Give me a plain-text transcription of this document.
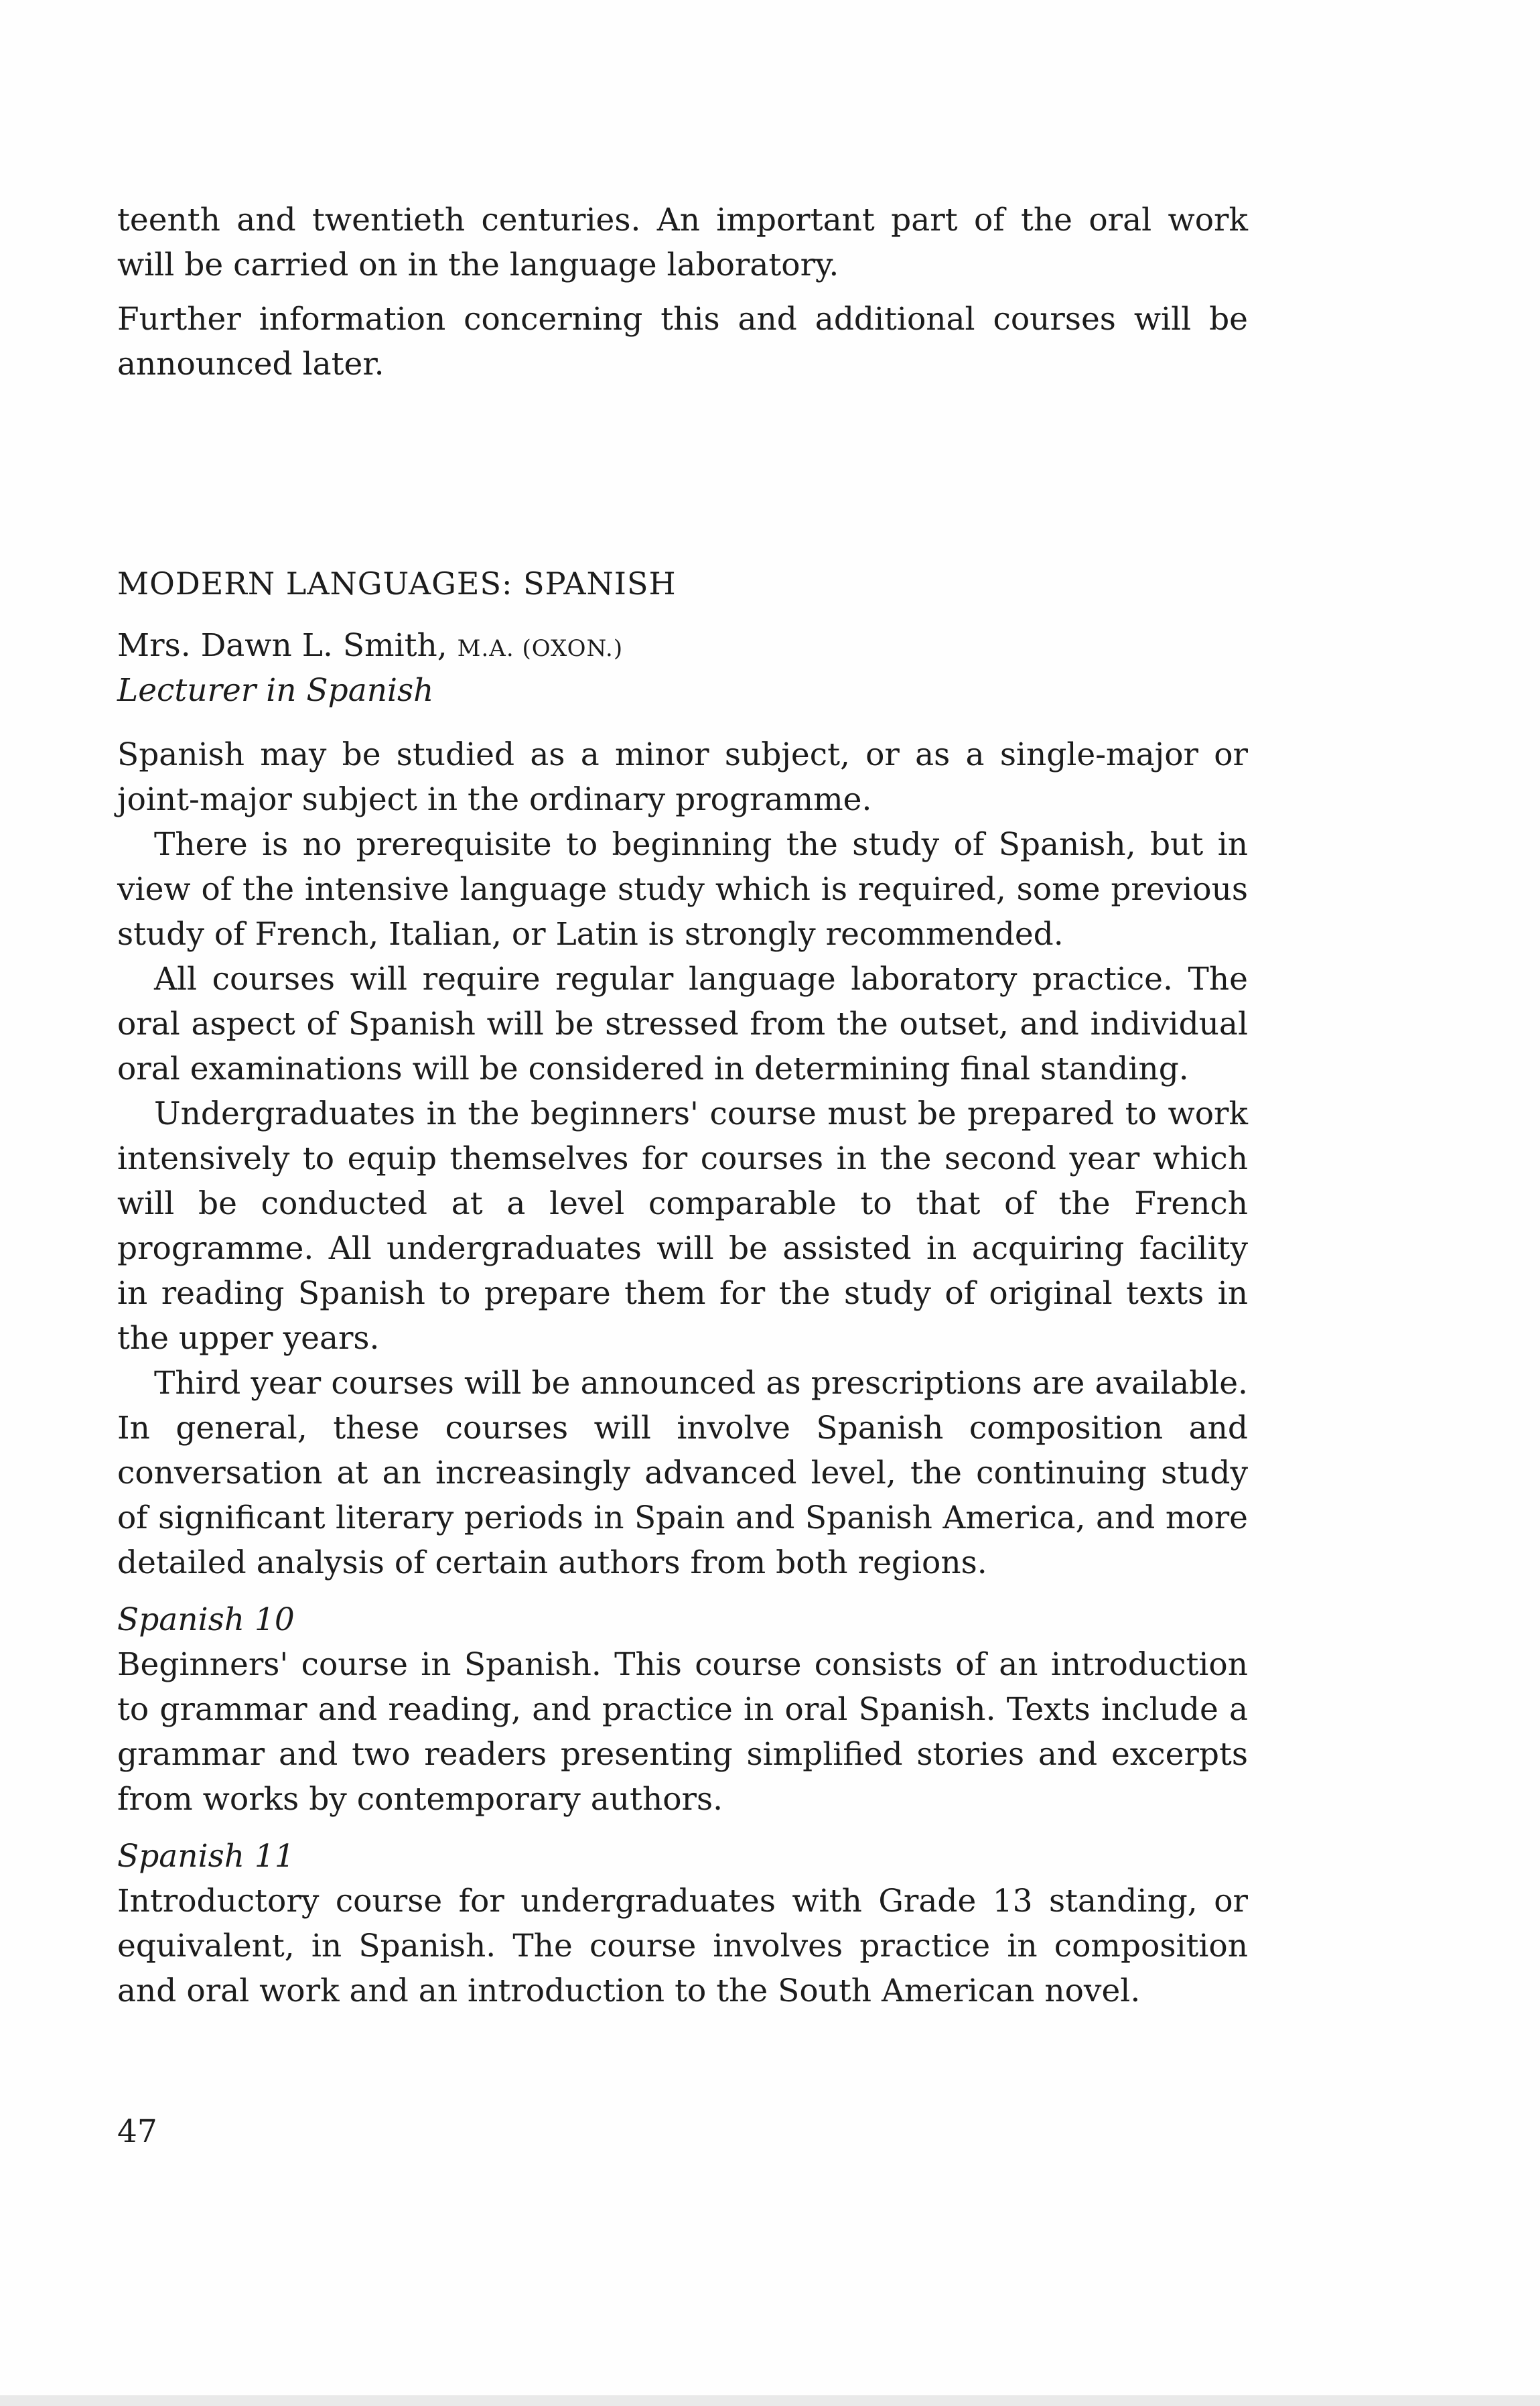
teenth and twentieth centuries. An important part of the oral work will be carried on in the language laboratory.

Further information concerning this and additional courses will be announced later.

MODERN LANGUAGES: SPANISH
Mrs. Dawn L. Smith, M.A. (OXON.)
Lecturer in Spanish

Spanish may be studied as a minor subject, or as a single-major or joint-major subject in the ordinary programme.

There is no prerequisite to beginning the study of Spanish, but in view of the intensive language study which is required, some previous study of French, Italian, or Latin is strongly recommended.

All courses will require regular language laboratory practice. The oral aspect of Spanish will be stressed from the outset, and individual oral examinations will be considered in determining final standing.

Undergraduates in the beginners' course must be prepared to work intensively to equip themselves for courses in the second year which will be conducted at a level comparable to that of the French programme. All undergraduates will be assisted in acquiring facility in reading Spanish to prepare them for the study of original texts in the upper years.

Third year courses will be announced as prescriptions are available. In general, these courses will involve Spanish composition and conversation at an increasingly advanced level, the continuing study of significant literary periods in Spain and Spanish America, and more detailed analysis of certain authors from both regions.

Spanish 10

Beginners' course in Spanish. This course consists of an introduction to grammar and reading, and practice in oral Spanish. Texts include a grammar and two readers presenting simplified stories and excerpts from works by contemporary authors.

Spanish 11

Introductory course for undergraduates with Grade 13 standing, or equivalent, in Spanish. The course involves practice in composition and oral work and an introduction to the South American novel.

47
